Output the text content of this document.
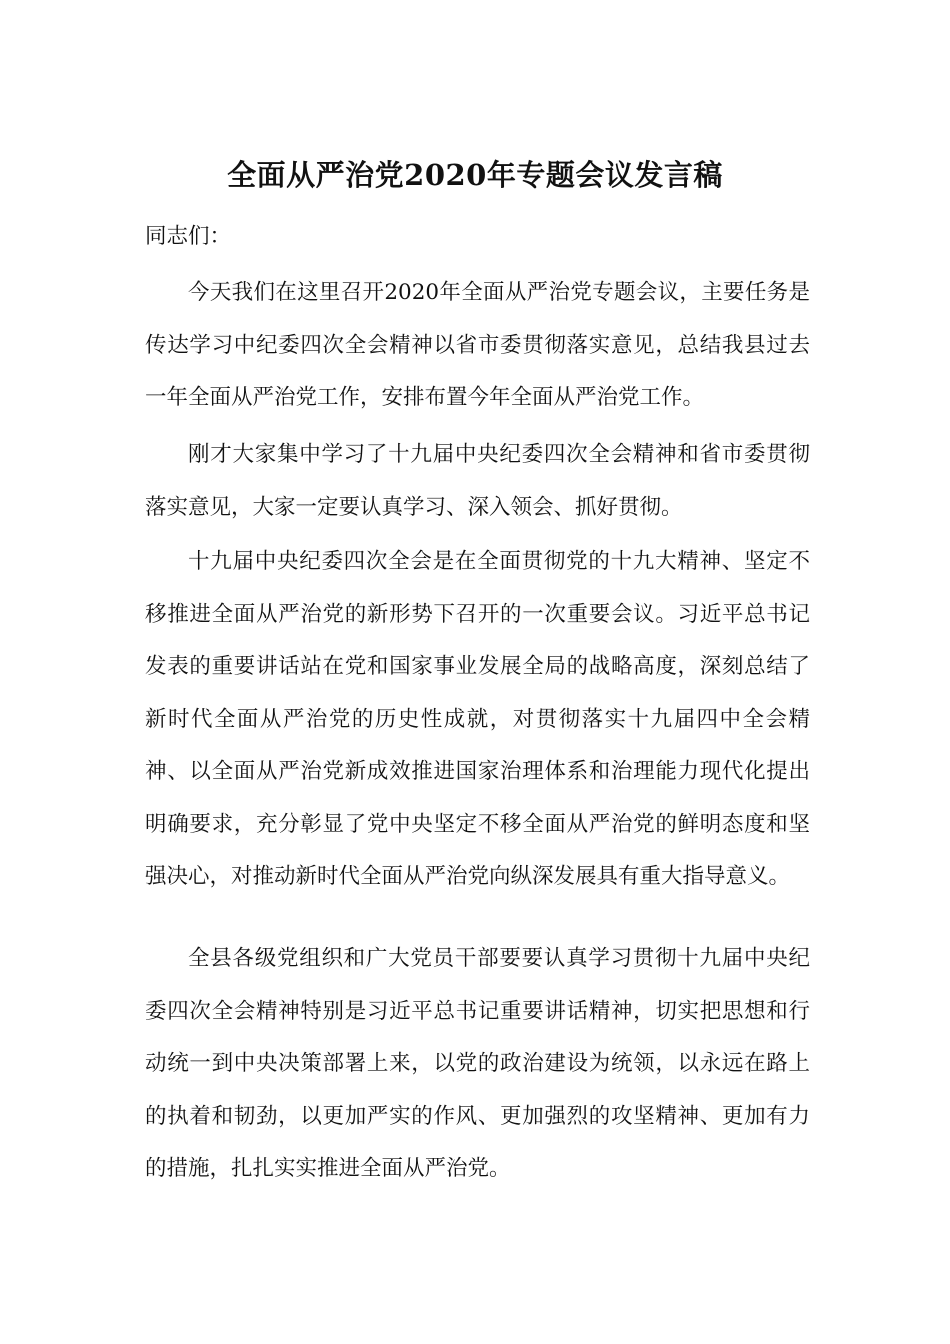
全面从严治党2020年专题会议发言稿

同志们：

今天我们在这里召开2020年全面从严治党专题会议，主要任务是传达学习中纪委四次全会精神以省市委贯彻落实意见，总结我县过去一年全面从严治党工作，安排布置今年全面从严治党工作。

刚才大家集中学习了十九届中央纪委四次全会精神和省市委贯彻落实意见，大家一定要认真学习、深入领会、抓好贯彻。

十九届中央纪委四次全会是在全面贯彻党的十九大精神、坚定不移推进全面从严治党的新形势下召开的一次重要会议。习近平总书记发表的重要讲话站在党和国家事业发展全局的战略高度，深刻总结了新时代全面从严治党的历史性成就，对贯彻落实十九届四中全会精神、以全面从严治党新成效推进国家治理体系和治理能力现代化提出明确要求，充分彰显了党中央坚定不移全面从严治党的鲜明态度和坚强决心，对推动新时代全面从严治党向纵深发展具有重大指导意义。

全县各级党组织和广大党员干部要要认真学习贯彻十九届中央纪委四次全会精神特别是习近平总书记重要讲话精神，切实把思想和行动统一到中央决策部署上来，以党的政治建设为统领，以永远在路上的执着和韧劲，以更加严实的作风、更加强烈的攻坚精神、更加有力的措施，扎扎实实推进全面从严治党。
